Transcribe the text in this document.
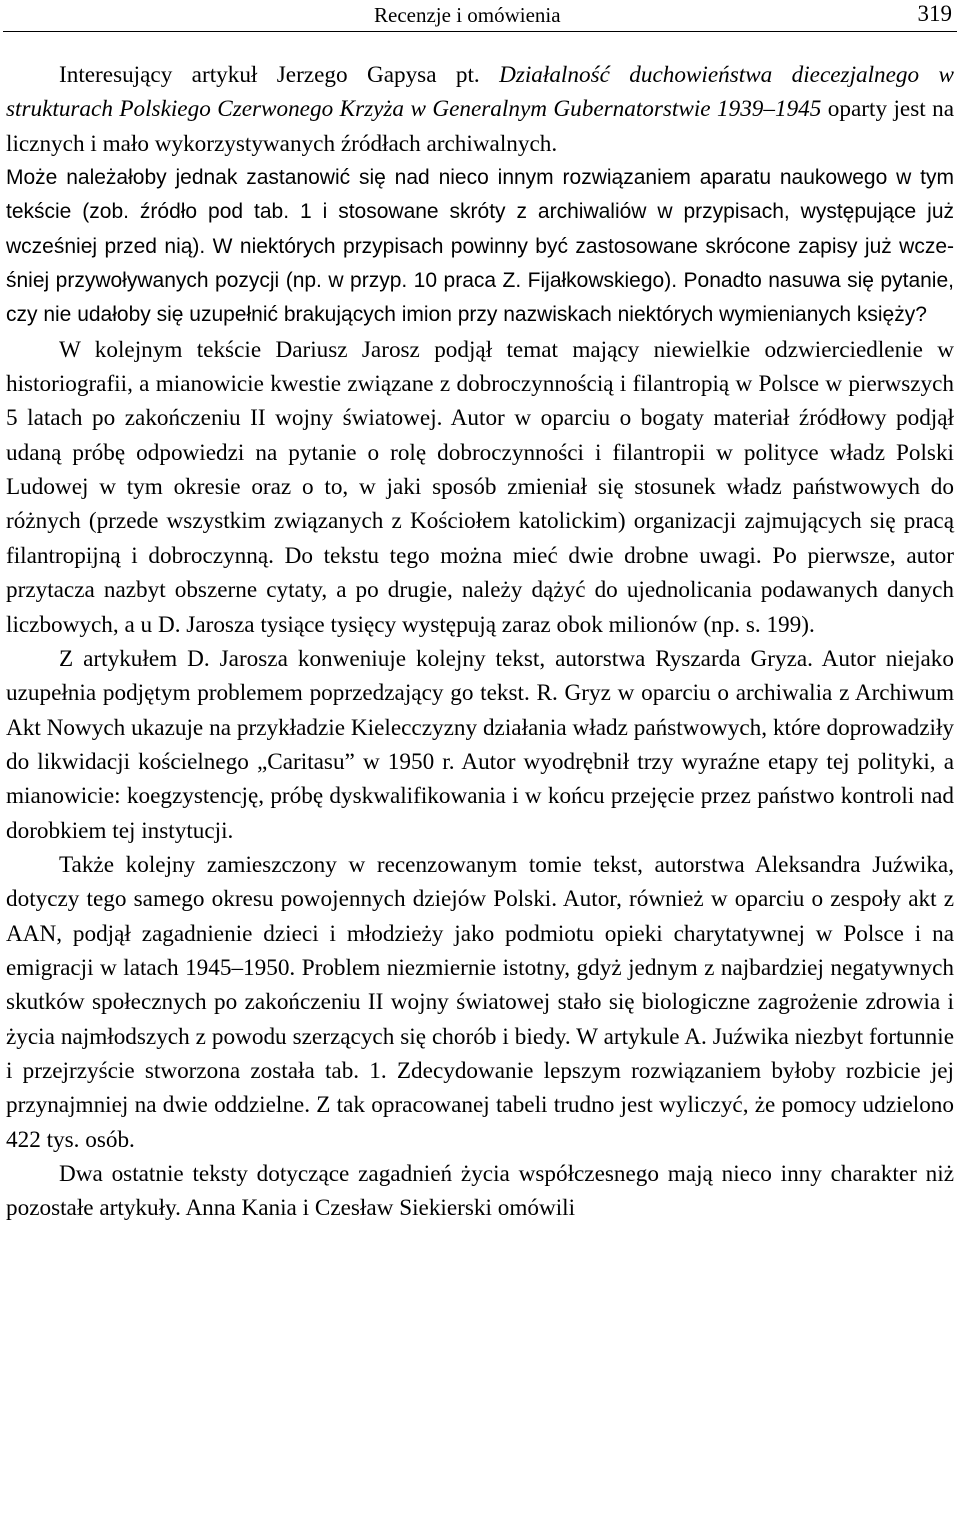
Recenzje i omówienia	319

Interesujący artykuł Jerzego Gapysa pt. Działalność duchowieństwa diecezjalnego w strukturach Polskiego Czerwonego Krzyża w Generalnym Gubernatorstwie 1939–1945 oparty jest na licznych i mało wykorzystywanych źródłach archiwalnych.

Może należałoby jednak zastanowić się nad nieco innym rozwiązaniem aparatu naukowego w tym tekście (zob. źródło pod tab. 1 i stosowane skróty z archiwaliów w przypisach, występujące już wcześniej przed nią). W niektórych przypisach powinny być zastosowane skrócone zapisy już wcześniej przywoływanych pozycji (np. w przyp. 10 praca Z. Fijałkowskiego). Ponadto nasuwa się pytanie, czy nie udałoby się uzupełnić brakujących imion przy nazwiskach niektórych wymienianych księży?

W kolejnym tekście Dariusz Jarosz podjął temat mający niewielkie odzwierciedlenie w historiografii, a mianowicie kwestie związane z dobroczynnością i filantropią w Polsce w pierwszych 5 latach po zakończeniu II wojny światowej. Autor w oparciu o bogaty materiał źródłowy podjął udaną próbę odpowiedzi na pytanie o rolę dobroczynności i filantropii w polityce władz Polski Ludowej w tym okresie oraz o to, w jaki sposób zmieniał się stosunek władz państwowych do różnych (przede wszystkim związanych z Kościołem katolickim) organizacji zajmujących się pracą filantropijną i dobroczynną. Do tekstu tego można mieć dwie drobne uwagi. Po pierwsze, autor przytacza nazbyt obszerne cytaty, a po drugie, należy dążyć do ujednolicania podawanych danych liczbowych, a u D. Jarosza tysiące tysięcy występują zaraz obok milionów (np. s. 199).

Z artykułem D. Jarosza konweniuje kolejny tekst, autorstwa Ryszarda Gryza. Autor niejako uzupełnia podjętym problemem poprzedzający go tekst. R. Gryz w oparciu o archiwalia z Archiwum Akt Nowych ukazuje na przykładzie Kielecczyzny działania władz państwowych, które doprowadziły do likwidacji kościelnego „Caritasu” w 1950 r. Autor wyodrębnił trzy wyraźne etapy tej polityki, a mianowicie: koegzystencję, próbę dyskwalifikowania i w końcu przejęcie przez państwo kontroli nad dorobkiem tej instytucji.

Także kolejny zamieszczony w recenzowanym tomie tekst, autorstwa Aleksandra Juźwika, dotyczy tego samego okresu powojennych dziejów Polski. Autor, również w oparciu o zespoły akt z AAN, podjął zagadnienie dzieci i młodzieży jako podmiotu opieki charytatywnej w Polsce i na emigracji w latach 1945–1950. Problem niezmiernie istotny, gdyż jednym z najbardziej negatywnych skutków społecznych po zakończeniu II wojny światowej stało się biologiczne zagrożenie zdrowia i życia najmłodszych z powodu szerzących się chorób i biedy. W artykule A. Juźwika niezbyt fortunnie i przejrzyście stworzona została tab. 1. Zdecydowanie lepszym rozwiązaniem byłoby rozbicie jej przynajmniej na dwie oddzielne. Z tak opracowanej tabeli trudno jest wyliczyć, że pomocy udzielono 422 tys. osób.

Dwa ostatnie teksty dotyczące zagadnień życia współczesnego mają nieco inny charakter niż pozostałe artykuły. Anna Kania i Czesław Siekierski omówili
